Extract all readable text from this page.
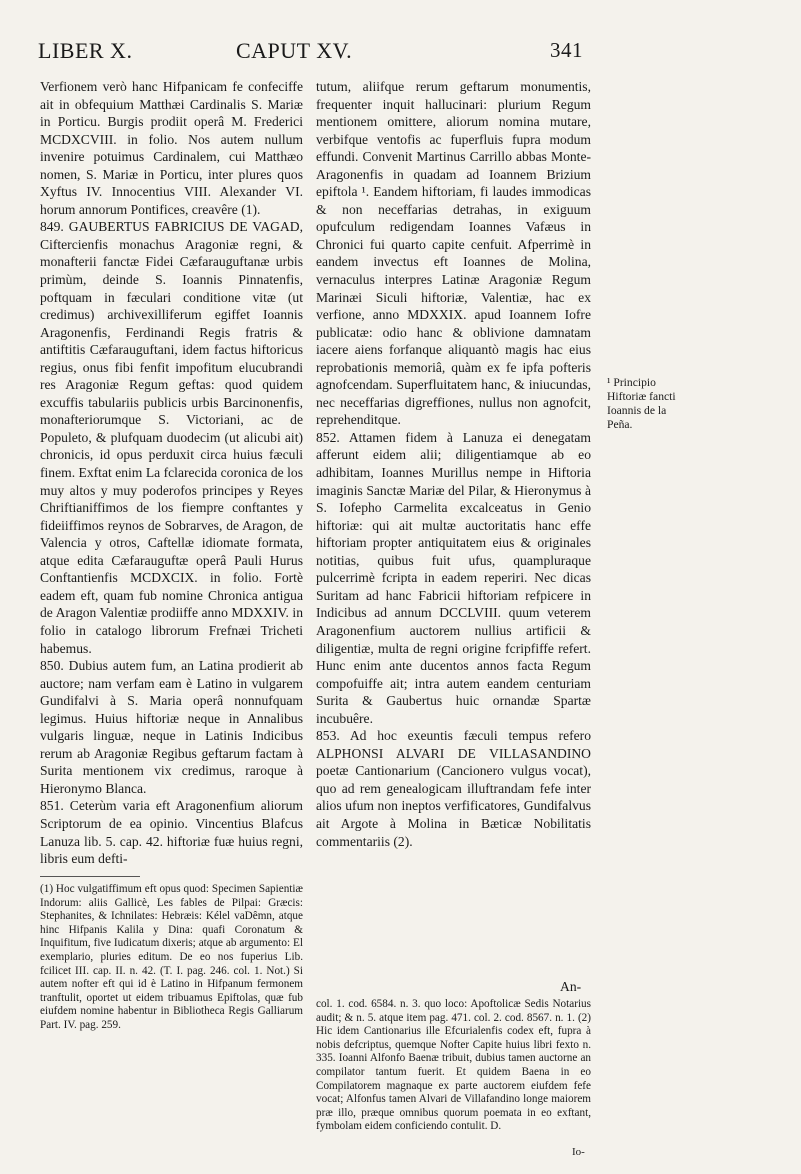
LIBER X.	CAPUT XV.	341

Verfionem verò hanc Hifpanicam fe confeciffe ait in obfequium Matthæi Cardinalis S. Mariæ in Porticu. Burgis prodiit operâ M. Frederici MCDXCVIII. in folio. Nos autem nullum invenire potuimus Cardinalem, cui Matthæo nomen, S. Mariæ in Porticu, inter plures quos Xyftus IV. Innocentius VIII. Alexander VI. horum annorum Pontifices, creavêre (1).

849. GAUBERTUS FABRICIUS DE VAGAD, Ciftercienfis monachus Aragoniæ regni, & monafterii fanctæ Fidei Cæfarauguftanæ urbis primùm, deinde S. Ioannis Pinnatenfis, poftquam in fæculari conditione vitæ (ut credimus) archivexilliferum egiffet Ioannis Aragonenfis, Ferdinandi Regis fratris & antiftitis Cæfarauguftani, idem factus hiftoricus regius, onus fibi fenfit impofitum elucubrandi res Aragoniæ Regum geftas: quod quidem excuffis tabulariis publicis urbis Barcinonenfis, monafteriorumque S. Victoriani, ac de Populeto, & plufquam duodecim (ut alicubi ait) chronicis, id opus perduxit circa huius fæculi finem. Exftat enim La fclarecida coronica de los muy altos y muy poderofos principes y Reyes Chriftianiffimos de los fiempre conftantes y fideiiffimos reynos de Sobrarves, de Aragon, de Valencia y otros, Caftellæ idiomate formata, atque edita Cæfarauguftæ operâ Pauli Hurus Conftantienfis MCDXCIX. in folio. Fortè eadem eft, quam fub nomine Chronica antigua de Aragon Valentiæ prodiiffe anno MDXXIV. in folio in catalogo librorum Frefnæi Tricheti habemus.

850. Dubius autem fum, an Latina prodierit ab auctore; nam verfam eam è Latino in vulgarem Gundifalvi à S. Maria operâ nonnufquam legimus. Huius hiftoriæ neque in Annalibus vulgaris linguæ, neque in Latinis Indicibus rerum ab Aragoniæ Regibus geftarum factam à Surita mentionem vix credimus, raroque à Hieronymo Blanca.

851. Ceterùm varia eft Aragonenfium aliorum Scriptorum de ea opinio. Vincentius Blafcus Lanuza lib. 5. cap. 42. hiftoriæ fuæ huius regni, libris eum defti-

(1) Hoc vulgatiffimum eft opus quod: Specimen Sapientiæ Indorum: aliis Gallicè, Les fables de Pilpai: Græcis: Stephanites, & Ichnilates: Hebræis: Kélel vaDêmn, atque hinc Hifpanis Kalila y Dina: quafi Coronatum & Inquifitum, five Iudicatum dixeris; atque ab argumento: El exemplario, pluries editum. De eo nos fuperius Lib. fcilicet III. cap. II. n. 42. (T. I. pag. 246. col. 1. Not.) Si autem nofter eft qui id è Latino in Hifpanum fermonem tranftulit, oportet ut eidem tribuamus Epiftolas, quæ fub eiufdem nomine habentur in Bibliotheca Regis Galliarum Part. IV. pag. 259.

tutum, aliifque rerum geftarum monumentis, frequenter inquit hallucinari: plurium Regum mentionem omittere, aliorum nomina mutare, verbifque ventofis ac fuperfluis fupra modum effundi. Convenit Martinus Carrillo abbas Monte-Aragonenfis in quadam ad Ioannem Brizium epiftola ¹. Eandem hiftoriam, fi laudes immodicas & non neceffarias detrahas, in exiguum opufculum redigendam Ioannes Vafæus in Chronici fui quarto capite cenfuit. Afperrimè in eandem invectus eft Ioannes de Molina, vernaculus interpres Latinæ Aragoniæ Regum Marinæi Siculi hiftoriæ, Valentiæ, hac ex verfione, anno MDXXIX. apud Ioannem Iofre publicatæ: odio hanc & oblivione damnatam iacere aiens forfanque aliquantò magis hac eius reprobationis memoriâ, quàm ex fe ipfa pofteris agnofcendam. Superfluitatem hanc, & iniucundas, nec neceffarias digreffiones, nullus non agnofcit, reprehenditque.

852. Attamen fidem à Lanuza ei denegatam afferunt eidem alii; diligentiamque ab eo adhibitam, Ioannes Murillus nempe in Hiftoria imaginis Sanctæ Mariæ del Pilar, & Hieronymus à S. Iofepho Carmelita excalceatus in Genio hiftoriæ: qui ait multæ auctoritatis hanc effe hiftoriam propter antiquitatem eius & originales notitias, quibus fuit ufus, quampluraque pulcerrimè fcripta in eadem reperiri. Nec dicas Suritam ad hanc Fabricii hiftoriam refpicere in Indicibus ad annum DCCLVIII. quum veterem Aragonenfium auctorem nullius artificii & diligentiæ, multa de regni origine fcripfiffe refert. Hunc enim ante ducentos annos facta Regum compofuiffe ait; intra autem eandem centuriam Surita & Gaubertus huic ornandæ Spartæ incubuêre.

853. Ad hoc exeuntis fæculi tempus refero ALPHONSI ALVARI DE VILLASANDINO poetæ Cantionarium (Cancionero vulgus vocat), quo ad rem genealogicam illuftrandam fefe inter alios ufum non ineptos verfificatores, Gundifalvus ait Argote à Molina in Bæticæ Nobilitatis commentariis (2).

An-
¹ Principio Hiftoriæ fancti Ioannis de la Peña.

col. 1. cod. 6584. n. 3. quo loco: Apoftolicæ Sedis Notarius audit; & n. 5. atque item pag. 471. col. 2. cod. 8567. n. 1. (2) Hic idem Cantionarius ille Efcurialenfis codex eft, fupra à nobis defcriptus, quemque Nofter Capite huius libri fexto n. 335. Ioanni Alfonfo Baenæ tribuit, dubius tamen auctorne an compilator tantum fuerit. Et quidem Baena in eo Compilatorem magnaque ex parte auctorem eiufdem fefe vocat; Alfonfus tamen Alvari de Villafandino longe maiorem præ illo, præque omnibus quorum poemata in eo exftant, fymbolam eidem conficiendo contulit. D.

Io-
